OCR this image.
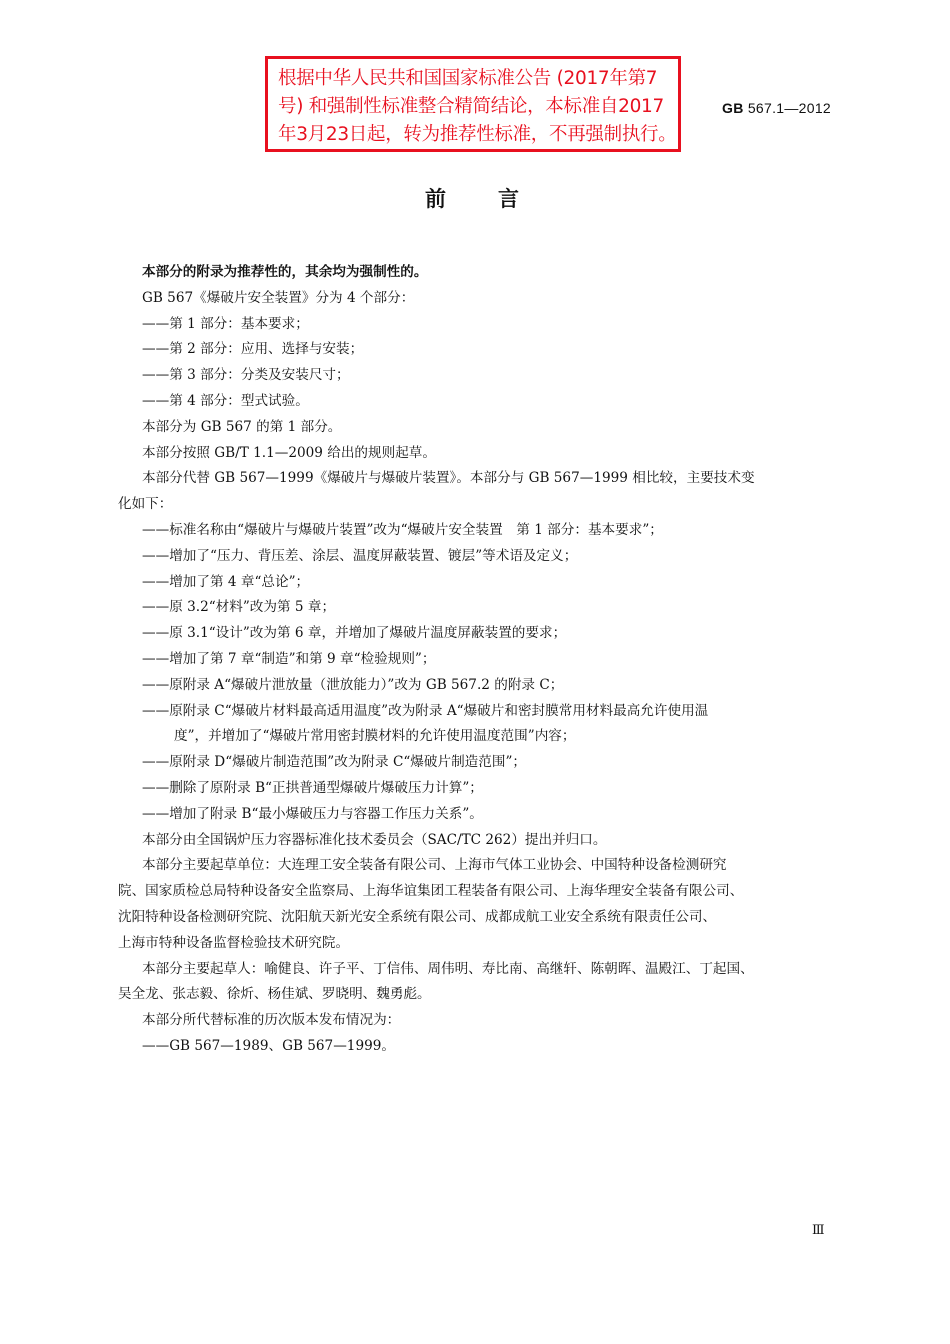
根据中华人民共和国国家标准公告 (2017年第7
号) 和强制性标准整合精简结论，本标准自2017
年3月23日起，转为推荐性标准，不再强制执行。
GB 567.1—2012
前言

本部分的附录为推荐性的，其余均为强制性的。

GB 567《爆破片安全装置》分为 4 个部分：

——第 1 部分：基本要求；

——第 2 部分：应用、选择与安装；

——第 3 部分：分类及安装尺寸；

——第 4 部分：型式试验。

本部分为 GB 567 的第 1 部分。

本部分按照 GB/T 1.1—2009 给出的规则起草。

本部分代替 GB 567—1999《爆破片与爆破片装置》。本部分与 GB 567—1999 相比较，主要技术变

化如下：

——标准名称由“爆破片与爆破片装置”改为“爆破片安全装置　第 1 部分：基本要求”；

——增加了“压力、背压差、涂层、温度屏蔽装置、镀层”等术语及定义；

——增加了第 4 章“总论”；

——原 3.2“材料”改为第 5 章；

——原 3.1“设计”改为第 6 章，并增加了爆破片温度屏蔽装置的要求；

——增加了第 7 章“制造”和第 9 章“检验规则”；

——原附录 A“爆破片泄放量（泄放能力）”改为 GB 567.2 的附录 C；

——原附录 C“爆破片材料最高适用温度”改为附录 A“爆破片和密封膜常用材料最高允许使用温

度”，并增加了“爆破片常用密封膜材料的允许使用温度范围”内容；

——原附录 D“爆破片制造范围”改为附录 C“爆破片制造范围”；

——删除了原附录 B“正拱普通型爆破片爆破压力计算”；

——增加了附录 B“最小爆破压力与容器工作压力关系”。

本部分由全国锅炉压力容器标准化技术委员会（SAC/TC 262）提出并归口。

本部分主要起草单位：大连理工安全装备有限公司、上海市气体工业协会、中国特种设备检测研究

院、国家质检总局特种设备安全监察局、上海华谊集团工程装备有限公司、上海华理安全装备有限公司、

沈阳特种设备检测研究院、沈阳航天新光安全系统有限公司、成都成航工业安全系统有限责任公司、

上海市特种设备监督检验技术研究院。

本部分主要起草人：喻健良、许子平、丁信伟、周伟明、寿比南、高继轩、陈朝晖、温殿江、丁起国、

吴全龙、张志毅、徐炘、杨佳斌、罗晓明、魏勇彪。

本部分所代替标准的历次版本发布情况为：

——GB 567—1989、GB 567—1999。

Ⅲ
